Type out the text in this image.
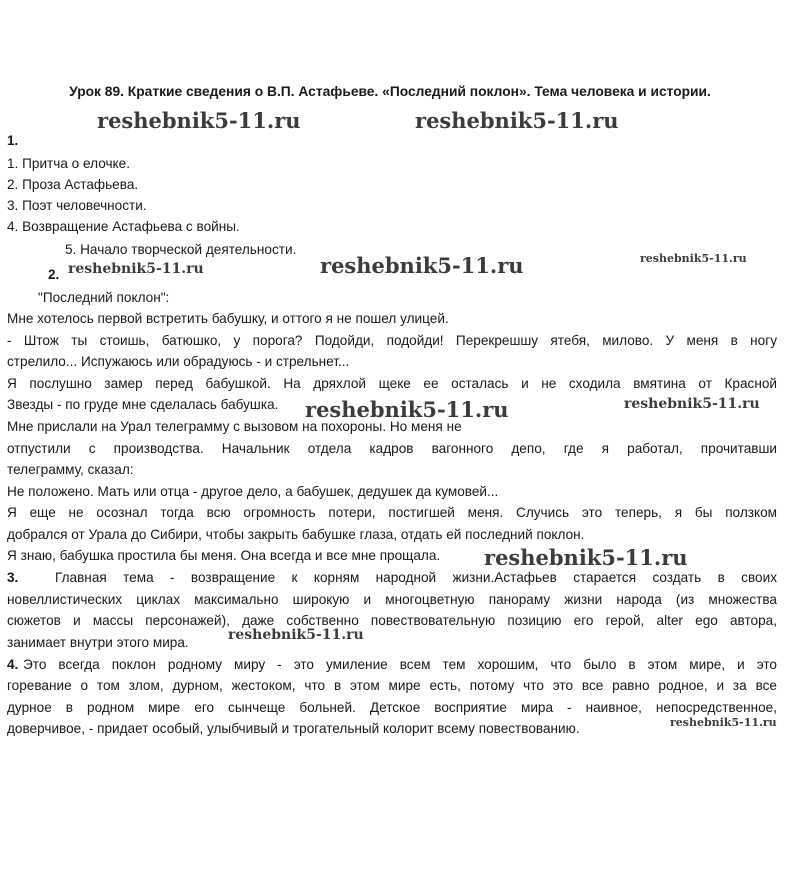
Урок 89. Краткие сведения о В.П. Астафьеве. «Последний поклон». Тема человека и истории.
1.
1. Притча о елочке.
2. Проза Астафьева.
3. Поэт человечности.
4. Возвращение Астафьева с войны.
5. Начало творческой деятельности.
2.
"Последний поклон":
Мне хотелось первой встретить бабушку, и оттого я не пошел улицей.
- Штож ты стоишь, батюшко, у порога? Подойди, подойди! Перекрешшу ятебя, милово. У меня в ногу
стрелило... Испужаюсь или обрадуюсь - и стрельнет...
Я послушно замер перед бабушкой. На дряхлой щеке ее осталась и не сходила вмятина от Красной
Звезды - по груде мне сделалась бабушка.
Мне прислали на Урал телеграмму с вызовом на похороны. Но меня не
отпустили с производства. Начальник отдела кадров вагонного депо, где я работал, прочитавши
телеграмму, сказал:
Не положено. Мать или отца - другое дело, а бабушек, дедушек да кумовей...
Я еще не осознал тогда всю огромность потери, постигшей меня. Случись это теперь, я бы ползком
добрался от Урала до Сибири, чтобы закрыть бабушке глаза, отдать ей последний поклон.
Я знаю, бабушка простила бы меня. Она всегда и все мне прощала.
3.	Главная тема - возвращение к корням народной жизни.Астафьев старается создать в своих
новеллистических циклах максимально широкую и многоцветную панораму жизни народа (из множества
сюжетов и массы персонажей), даже собственно повествовательную позицию его герой, alter ego автора,
занимает внутри этого мира.
4. Это всегда поклон родному миру - это умиление всем тем хорошим, что было в этом мире, и это
горевание о том злом, дурном, жестоком, что в этом мире есть, потому что это все равно родное, и за все
дурное в родном мире его сынчеще больней. Детское восприятие мира - наивное, непосредственное,
доверчивое, - придает особый, улыбчивый и трогательный колорит всему повествованию.
reshebnik5-11.ru	reshebnik5-11.ru
reshebnik5-11.ru	reshebnik5-11.ru	reshebnik5-11.ru
reshebnik5-11.ru	reshebnik5-11.ru
reshebnik5-11.ru
reshebnik5-11.ru
reshebnik5-11.ru
